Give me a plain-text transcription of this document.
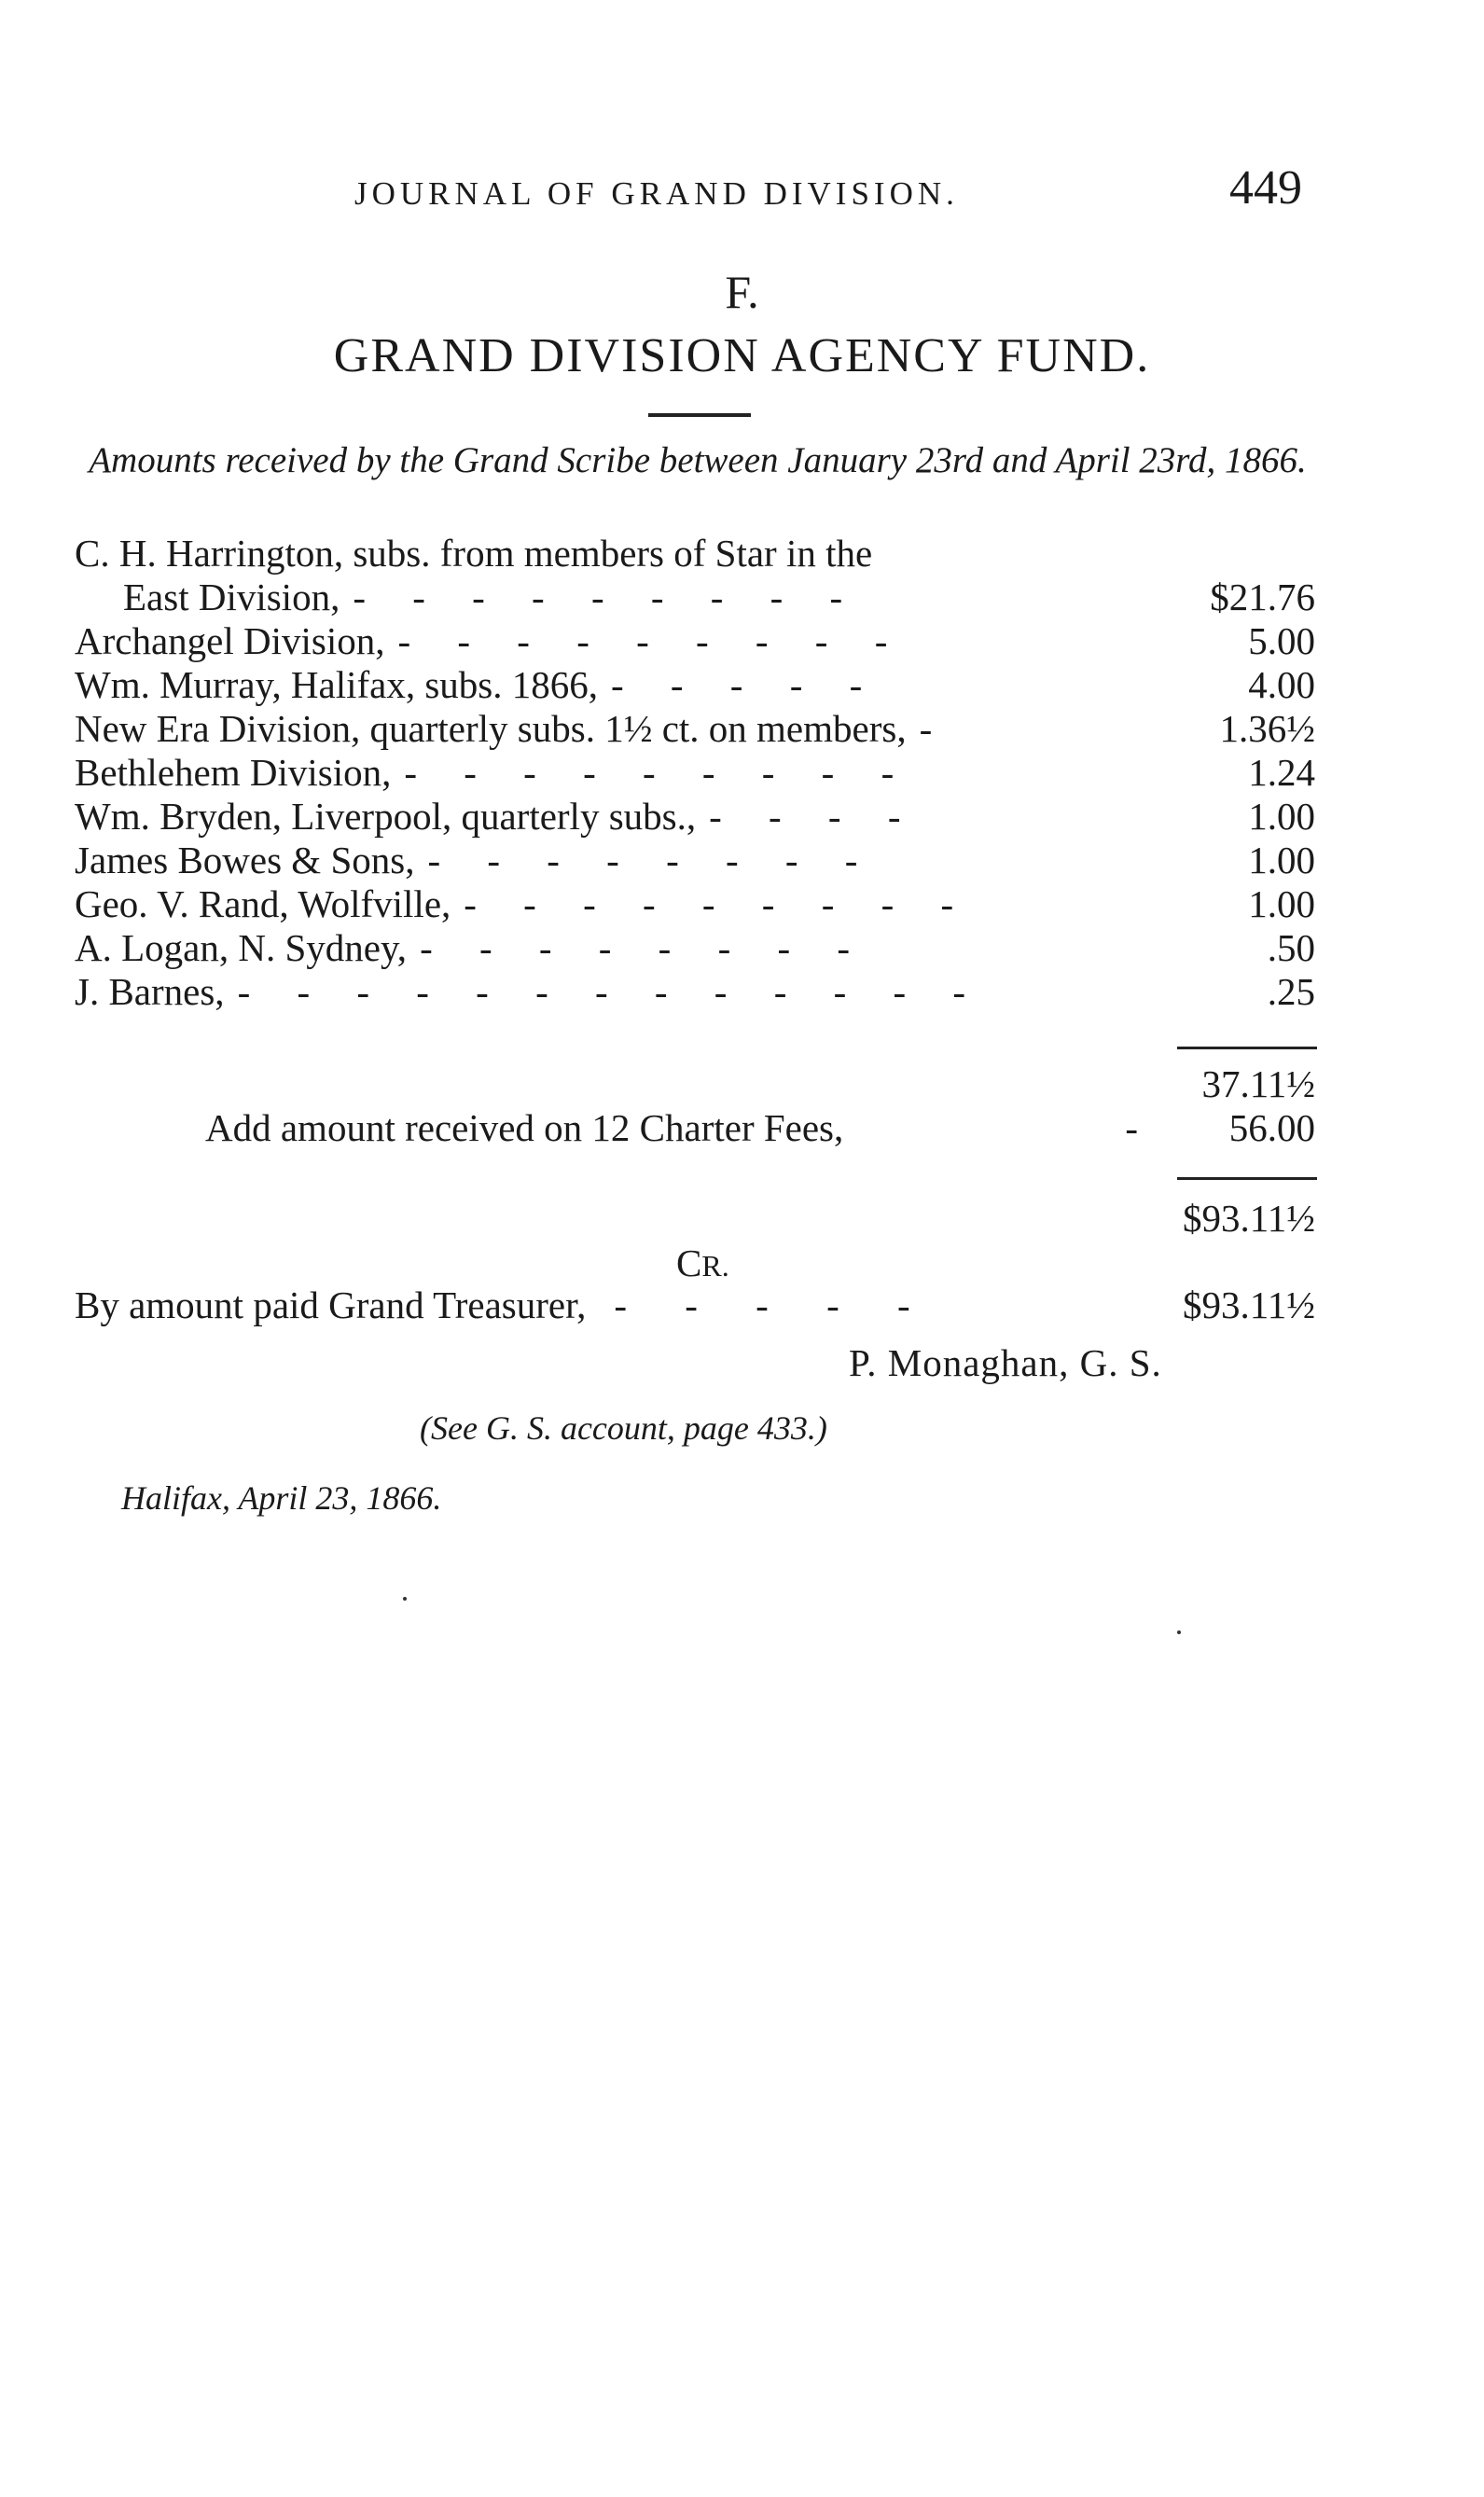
JOURNAL OF GRAND DIVISION.	449
F.
GRAND DIVISION AGENCY FUND.
Amounts received by the Grand Scribe between January 23rd and April 23rd, 1866.
C. H. Harrington, subs. from members of Star in the
East Division, - - - - - - - - -	$21.76
Archangel Division, - - - - - - - - -	5.00
Wm. Murray, Halifax, subs. 1866, - - - - -	4.00
New Era Division, quarterly subs. 1½ ct. on members, -	1.36½
Bethlehem Division, - - - - - - - - -	1.24
Wm. Bryden, Liverpool, quarterly subs., - - - -	1.00
James Bowes & Sons, - - - - - - - -	1.00
Geo. V. Rand, Wolfville, - - - - - - - - -	1.00
A. Logan, N. Sydney, - - - - - - - -	.50
J. Barnes, - - - - - - - - - - - - -	.25
37.11½
Add amount received on 12 Charter Fees,	-	56.00
$93.11½
CR.
By amount paid Grand Treasurer, - - - - -	$93.11½
P. Monaghan, G. S.
(See G. S. account, page 433.)
Halifax, April 23, 1866.
